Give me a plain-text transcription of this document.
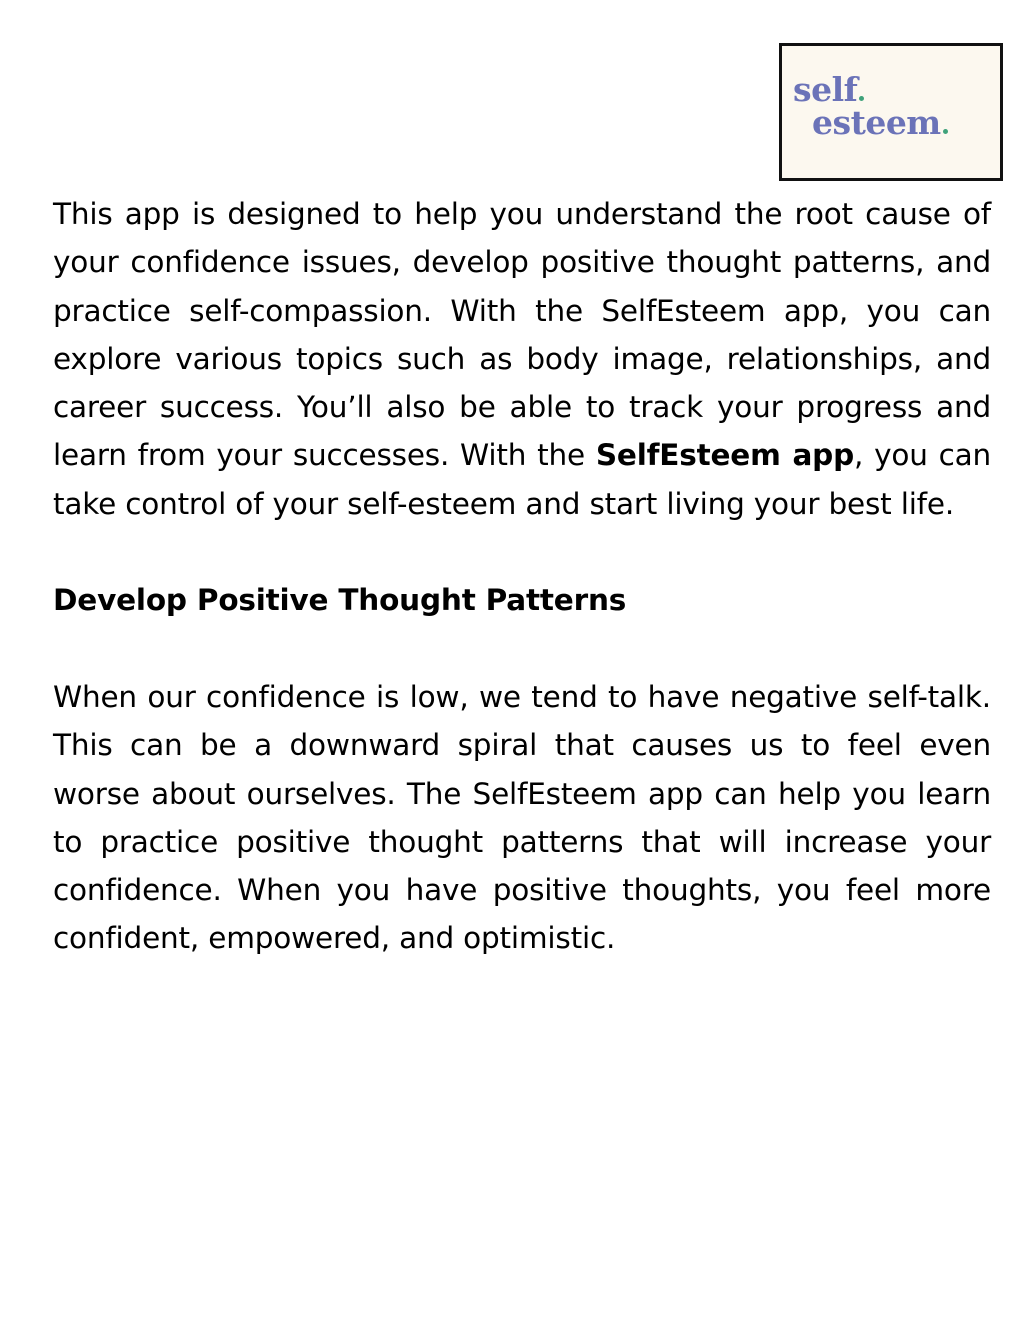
self
esteem

This app is designed to help you understand the root cause of your confidence issues, develop positive thought patterns, and practice self-compassion. With the SelfEsteem app, you can explore various topics such as body image, relationships, and career success. You’ll also be able to track your progress and learn from your successes. With the SelfEsteem app, you can take control of your self-esteem and start living your best life.

Develop Positive Thought Patterns

When our confidence is low, we tend to have negative self-talk. This can be a downward spiral that causes us to feel even worse about ourselves. The SelfEsteem app can help you learn to practice positive thought patterns that will increase your confidence. When you have positive thoughts, you feel more confident, empowered, and optimistic.
